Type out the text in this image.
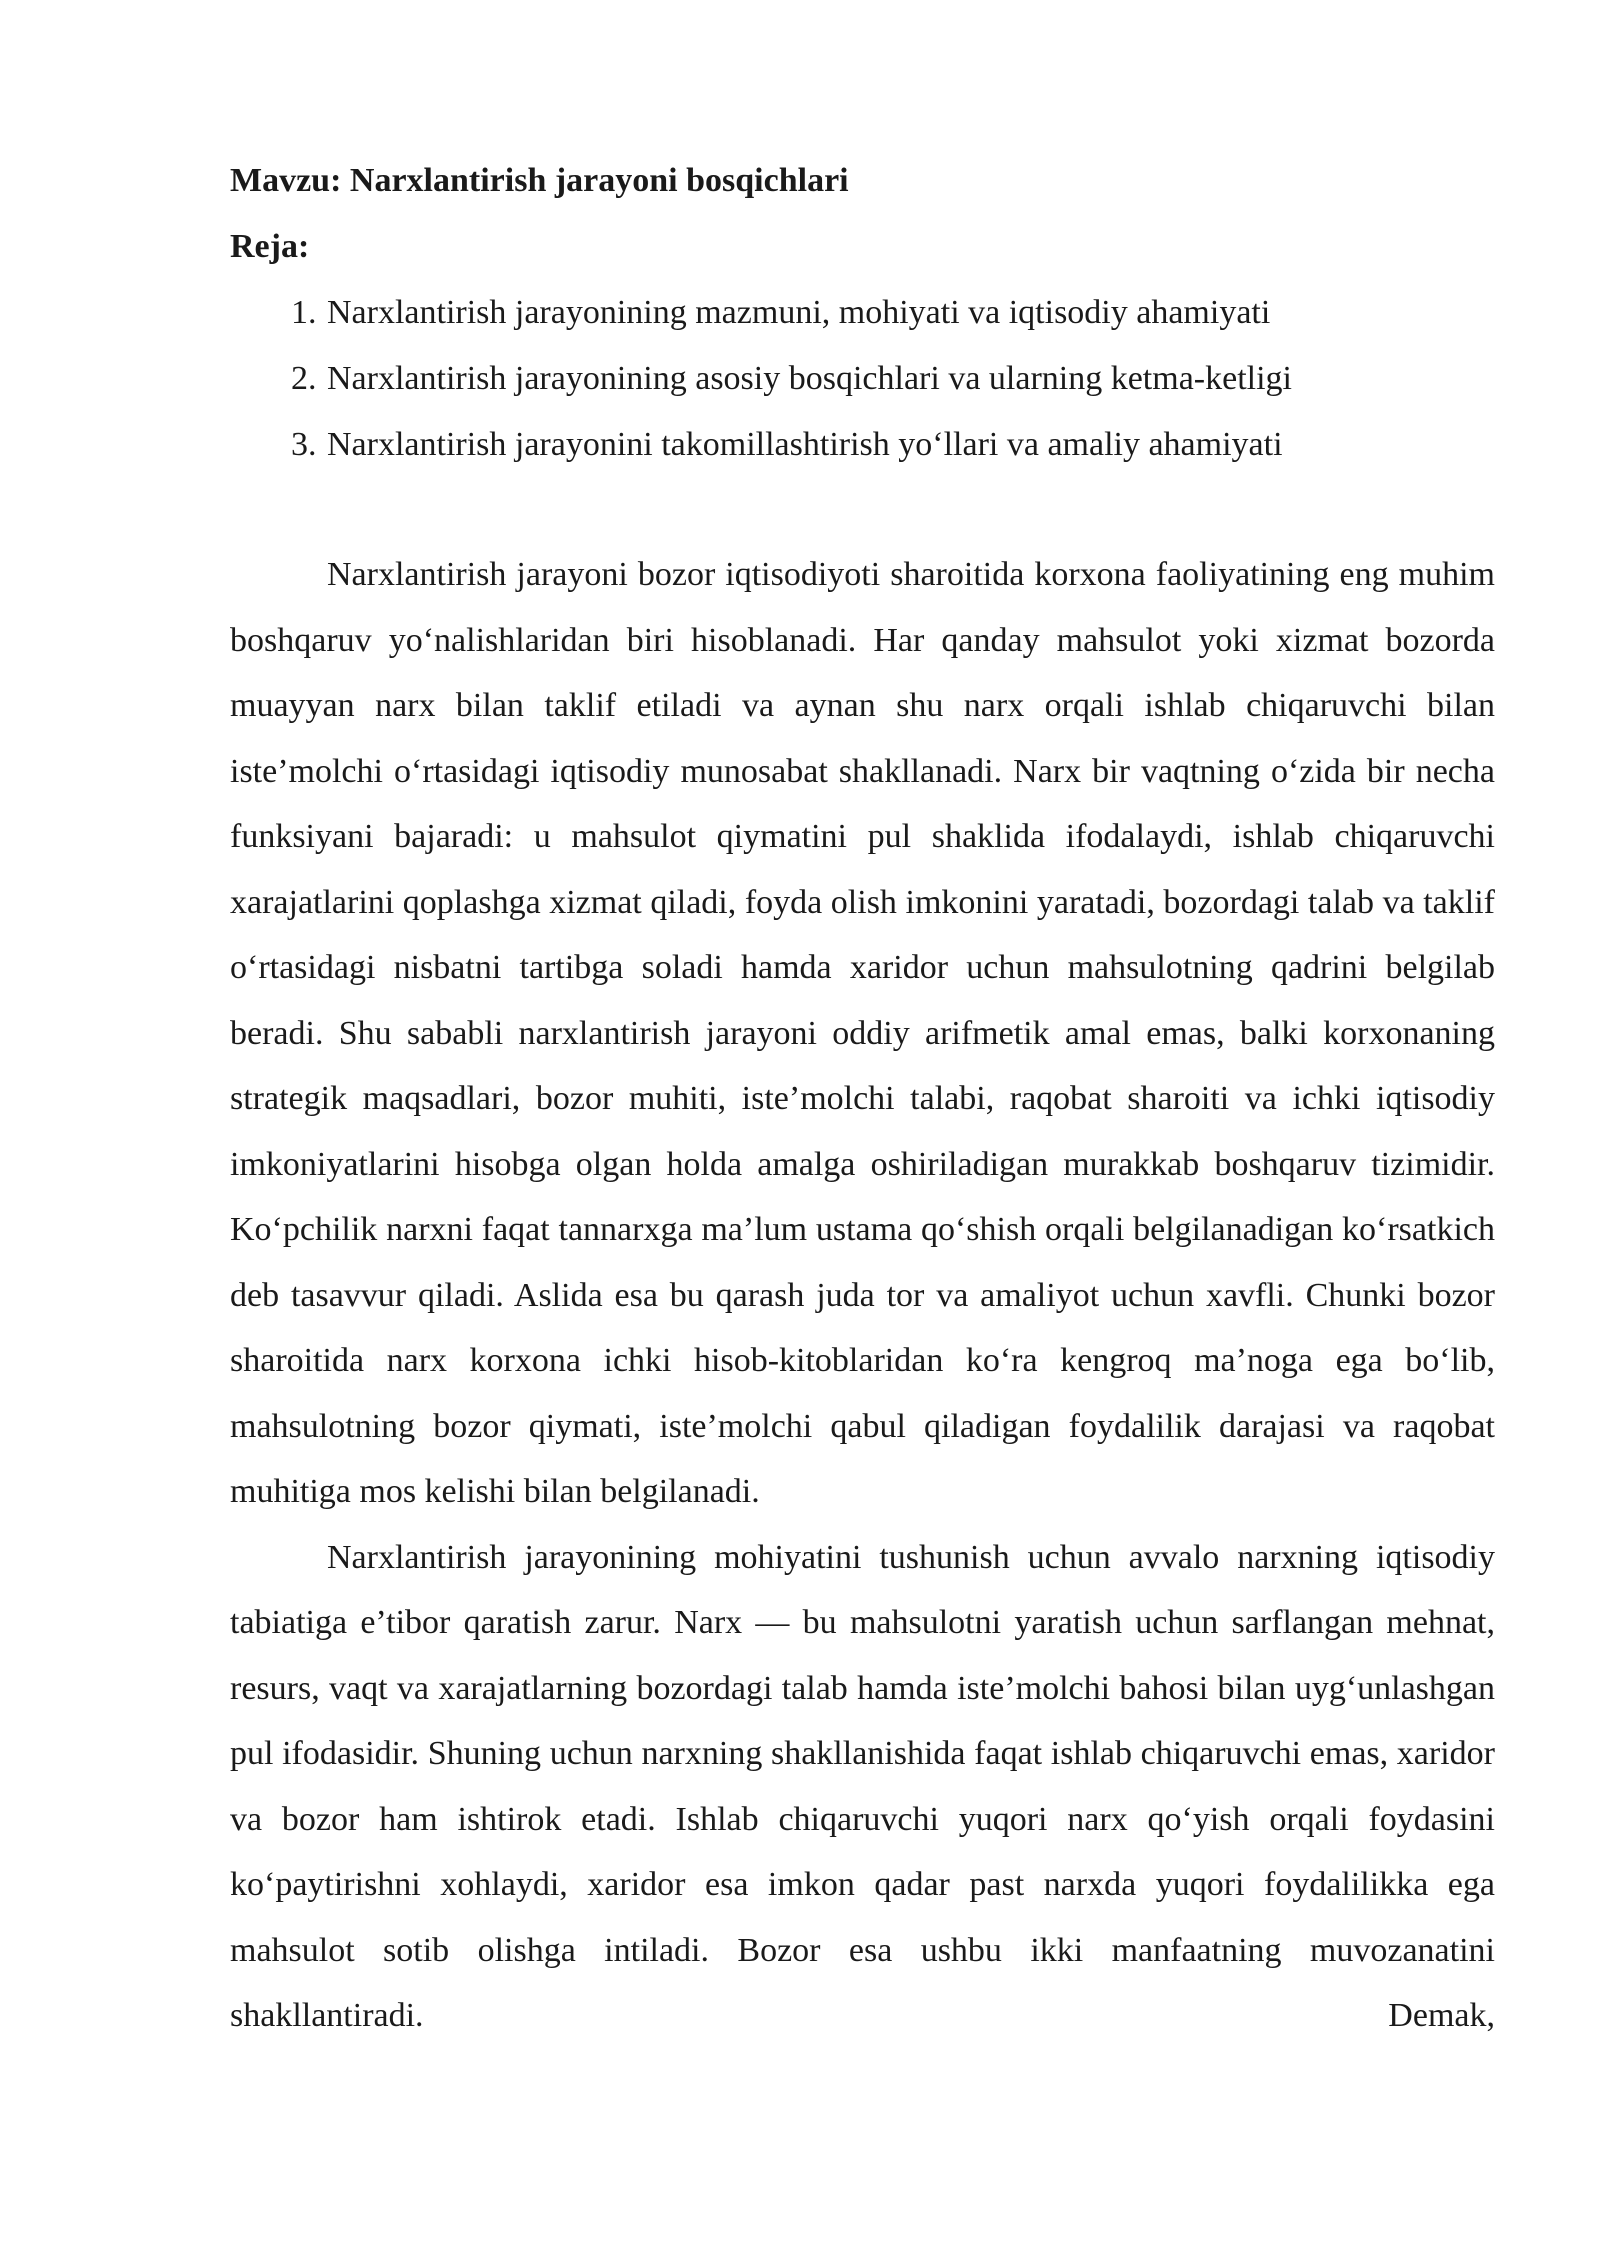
Mavzu: Narxlantirish jarayoni bosqichlari

Reja:

1. Narxlantirish jarayonining mazmuni, mohiyati va iqtisodiy ahamiyati
2. Narxlantirish jarayonining asosiy bosqichlari va ularning ketma-ketligi
3. Narxlantirish jarayonini takomillashtirish yo‘llari va amaliy ahamiyati

Narxlantirish jarayoni bozor iqtisodiyoti sharoitida korxona faoliyatining eng muhim boshqaruv yo‘nalishlaridan biri hisoblanadi. Har qanday mahsulot yoki xizmat bozorda muayyan narx bilan taklif etiladi va aynan shu narx orqali ishlab chiqaruvchi bilan iste’molchi o‘rtasidagi iqtisodiy munosabat shakllanadi. Narx bir vaqtning o‘zida bir necha funksiyani bajaradi: u mahsulot qiymatini pul shaklida ifodalaydi, ishlab chiqaruvchi xarajatlarini qoplashga xizmat qiladi, foyda olish imkonini yaratadi, bozordagi talab va taklif o‘rtasidagi nisbatni tartibga soladi hamda xaridor uchun mahsulotning qadrini belgilab beradi. Shu sababli narxlantirish jarayoni oddiy arifmetik amal emas, balki korxonaning strategik maqsadlari, bozor muhiti, iste’molchi talabi, raqobat sharoiti va ichki iqtisodiy imkoniyatlarini hisobga olgan holda amalga oshiriladigan murakkab boshqaruv tizimidir. Ko‘pchilik narxni faqat tannarxga ma’lum ustama qo‘shish orqali belgilanadigan ko‘rsatkich deb tasavvur qiladi. Aslida esa bu qarash juda tor va amaliyot uchun xavfli. Chunki bozor sharoitida narx korxona ichki hisob-kitoblaridan ko‘ra kengroq ma’noga ega bo‘lib, mahsulotning bozor qiymati, iste’molchi qabul qiladigan foydalilik darajasi va raqobat muhitiga mos kelishi bilan belgilanadi.

Narxlantirish jarayonining mohiyatini tushunish uchun avvalo narxning iqtisodiy tabiatiga e’tibor qaratish zarur. Narx — bu mahsulotni yaratish uchun sarflangan mehnat, resurs, vaqt va xarajatlarning bozordagi talab hamda iste’molchi bahosi bilan uyg‘unlashgan pul ifodasidir. Shuning uchun narxning shakllanishida faqat ishlab chiqaruvchi emas, xaridor va bozor ham ishtirok etadi. Ishlab chiqaruvchi yuqori narx qo‘yish orqali foydasini ko‘paytirishni xohlaydi, xaridor esa imkon qadar past narxda yuqori foydalilikka ega mahsulot sotib olishga intiladi. Bozor esa ushbu ikki manfaatning muvozanatini shakllantiradi. Demak,
